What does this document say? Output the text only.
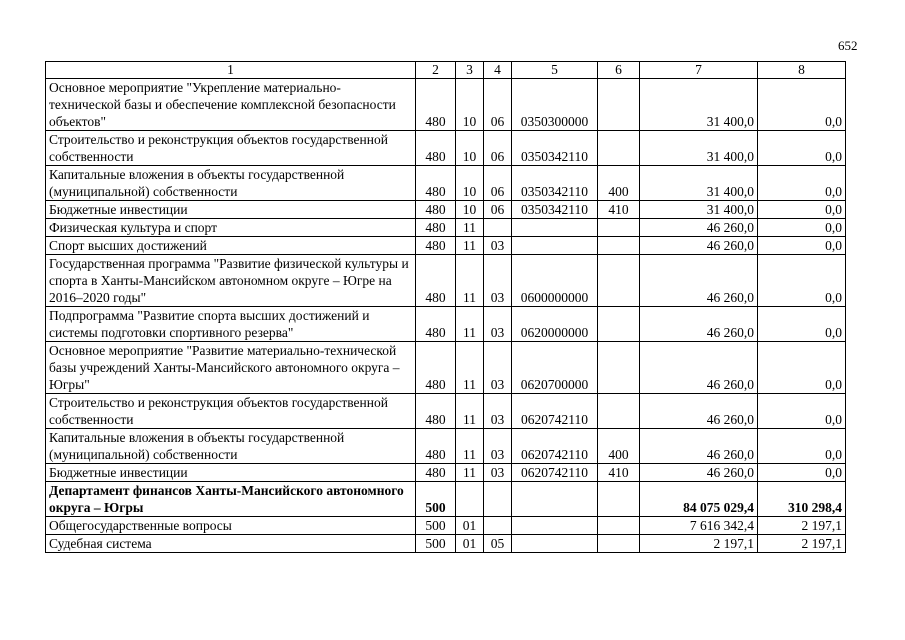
652
1	2	3	4	5	6	7	8
Основное мероприятие "Укрепление материально-технической базы и обеспечение комплексной безопасности объектов"	480	10	06	0350300000		31 400,0	0,0
Строительство и реконструкция объектов государственной собственности	480	10	06	0350342110		31 400,0	0,0
Капитальные вложения в объекты государственной (муниципальной) собственности	480	10	06	0350342110	400	31 400,0	0,0
Бюджетные инвестиции	480	10	06	0350342110	410	31 400,0	0,0
Физическая культура и спорт	480	11				46 260,0	0,0
Спорт высших достижений	480	11	03			46 260,0	0,0
Государственная программа "Развитие физической культуры и спорта в Ханты-Мансийском автономном округе – Югре на 2016–2020 годы"	480	11	03	0600000000		46 260,0	0,0
Подпрограмма "Развитие спорта высших достижений и системы подготовки спортивного резерва"	480	11	03	0620000000		46 260,0	0,0
Основное мероприятие "Развитие материально-технической базы учреждений Ханты-Мансийского автономного округа – Югры"	480	11	03	0620700000		46 260,0	0,0
Строительство и реконструкция объектов государственной собственности	480	11	03	0620742110		46 260,0	0,0
Капитальные вложения в объекты государственной (муниципальной) собственности	480	11	03	0620742110	400	46 260,0	0,0
Бюджетные инвестиции	480	11	03	0620742110	410	46 260,0	0,0
Департамент финансов Ханты-Мансийского автономного округа – Югры	500					84 075 029,4	310 298,4
Общегосударственные вопросы	500	01				7 616 342,4	2 197,1
Судебная система	500	01	05			2 197,1	2 197,1
